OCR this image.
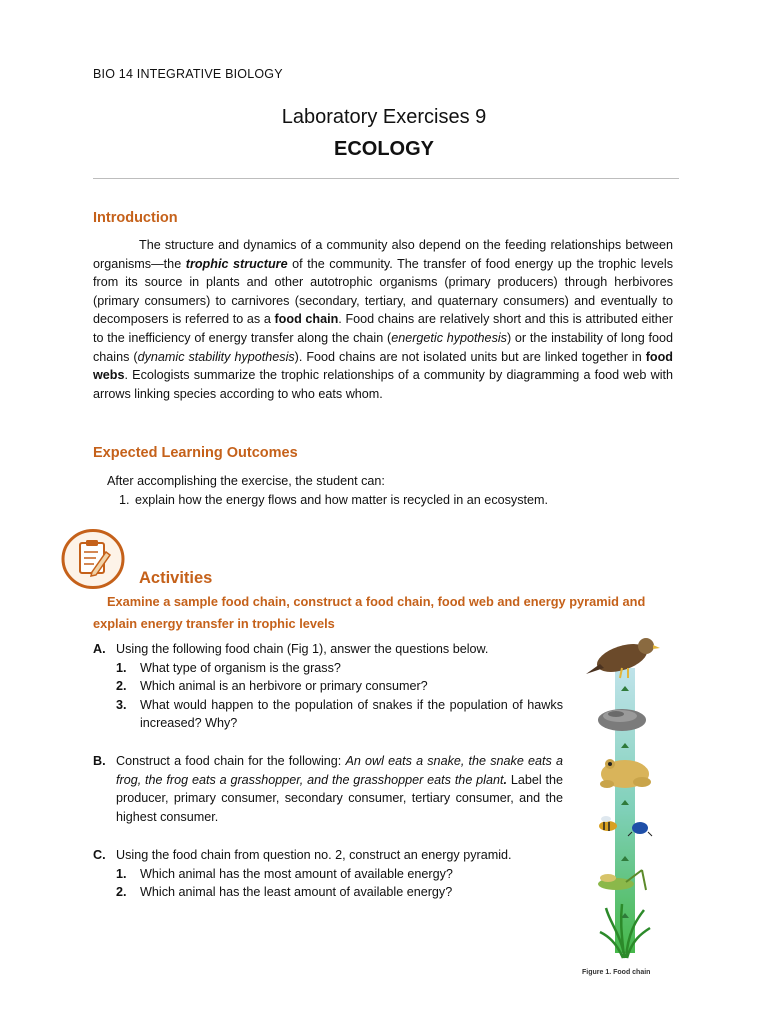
BIO 14 INTEGRATIVE BIOLOGY
Laboratory Exercises 9
ECOLOGY
Introduction

The structure and dynamics of a community also depend on the feeding relationships between organisms—the trophic structure of the community. The transfer of food energy up the trophic levels from its source in plants and other autotrophic organisms (primary producers) through herbivores (primary consumers) to carnivores (secondary, tertiary, and quaternary consumers) and eventually to decomposers is referred to as a food chain. Food chains are relatively short and this is attributed either to the inefficiency of energy transfer along the chain (energetic hypothesis) or the instability of long food chains (dynamic stability hypothesis). Food chains are not isolated units but are linked together in food webs. Ecologists summarize the trophic relationships of a community by diagramming a food web with arrows linking species according to who eats whom.

Expected Learning Outcomes
After accomplishing the exercise, the student can:
1. explain how the energy flows and how matter is recycled in an ecosystem.
Activities
Examine a sample food chain, construct a food chain, food web and energy pyramid and explain energy transfer in trophic levels
A. Using the following food chain (Fig 1), answer the questions below.
1.	What type of organism is the grass?
2.	Which animal is an herbivore or primary consumer?
3.	What would happen to the population of snakes if the population of hawks increased? Why?
B. Construct a food chain for the following: An owl eats a snake, the snake eats a frog, the frog eats a grasshopper, and the grasshopper eats the plant. Label the producer, primary consumer, secondary consumer, tertiary consumer, and the highest consumer.
C. Using the food chain from question no. 2, construct an energy pyramid.
1.	Which animal has the most amount of available energy?
2.	Which animal has the least amount of available energy?
Figure 1. Food chain
